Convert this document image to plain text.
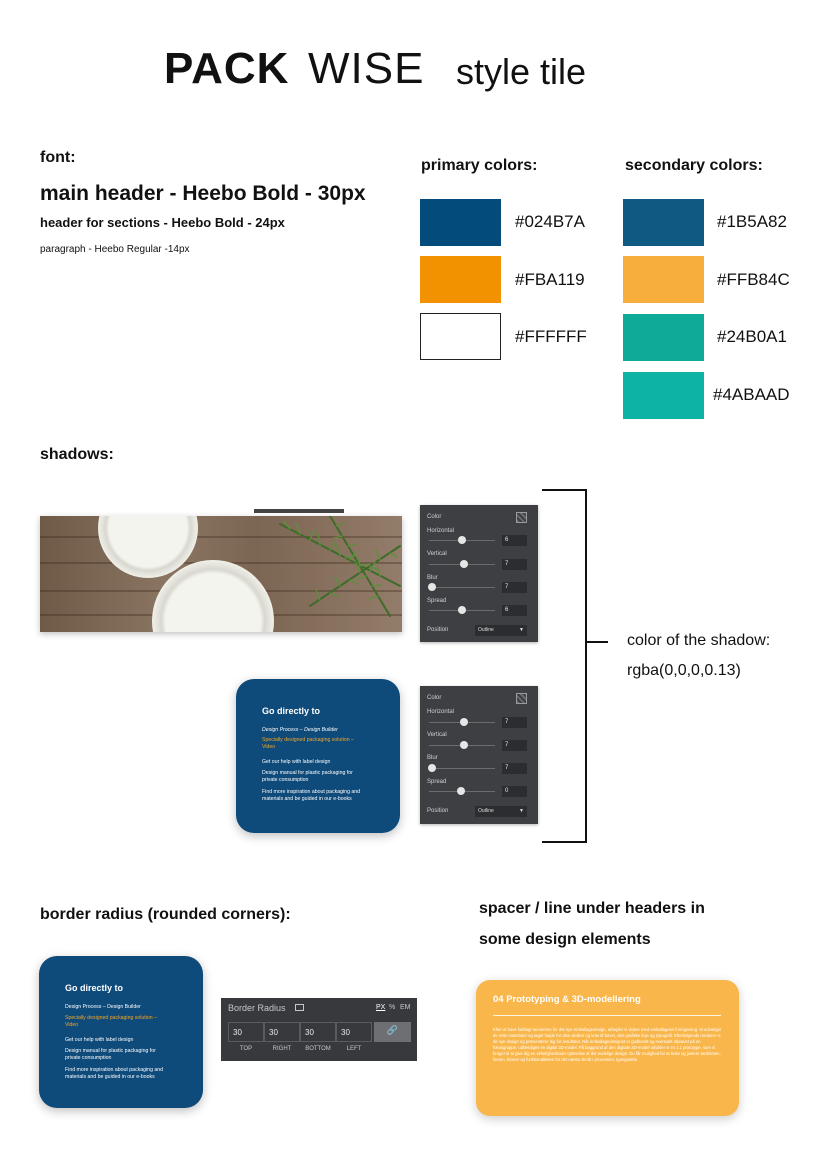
PACK WISE style tile
font:
main header - Heebo Bold - 30px
header for sections - Heebo Bold - 24px
paragraph - Heebo Regular -14px
primary colors:
#024B7A
#FBA119
#FFFFFF
secondary colors:
#1B5A82
#FFB84C
#24B0A1
#4ABAAD
shadows:
Color
Horizontal
6
Vertical
7
Blur
7
Spread
6
Position	Outline	▼
color of the shadow:
rgba(0,0,0,0.13)
Go directly to
Design Process – Design Builder
Specially designed packaging solution –
Video
Get our help with label design
Design manual for plastic packaging for
private consumption
Find more inspiration about packaging and
materials and be guided in our e-books
Color
Horizontal
7
Vertical
7
Blur
7
Spread
0
Position	Outline	▼
border radius (rounded corners):
Go directly to
Design Process – Design Builder
Specially designed packaging solution –
Video
Get our help with label design
Design manual for plastic packaging for
private consumption
Find more inspiration about packaging and
materials and be guided in our e-books
Border Radius	PX % EM
30	30	30	30	🔗
TOP	RIGHT	BOTTOM	LEFT
spacer / line under headers in
some design elements
04 Prototyping & 3D-modellering
Efter at have fastlagt rammerne for det nye emballagedesign, arbejder vi videre med emballagens formgivning. Vi udvælger de rette materialer og tager højde for dine ønsker og krav til farver, den grafiske linje og typografi. Efterfølgende renderer vi dit nye design og præsenterer dig for resultatet. Når emballagedesignet er godkendt og eventuelt afprøvet på en fokusgruppe, udfærdiges en digital 3D-model. På baggrund af den digitale 3D-model udvikler vi en 1:1 prototype, som vi bruger til at give dig en virkelighedsnær oplevelse af det endelige design. Du får mulighed for at teste og justere tactiliteten, farven, former og funktionaliteten for det næste skridt i processen: Igangsætte.
